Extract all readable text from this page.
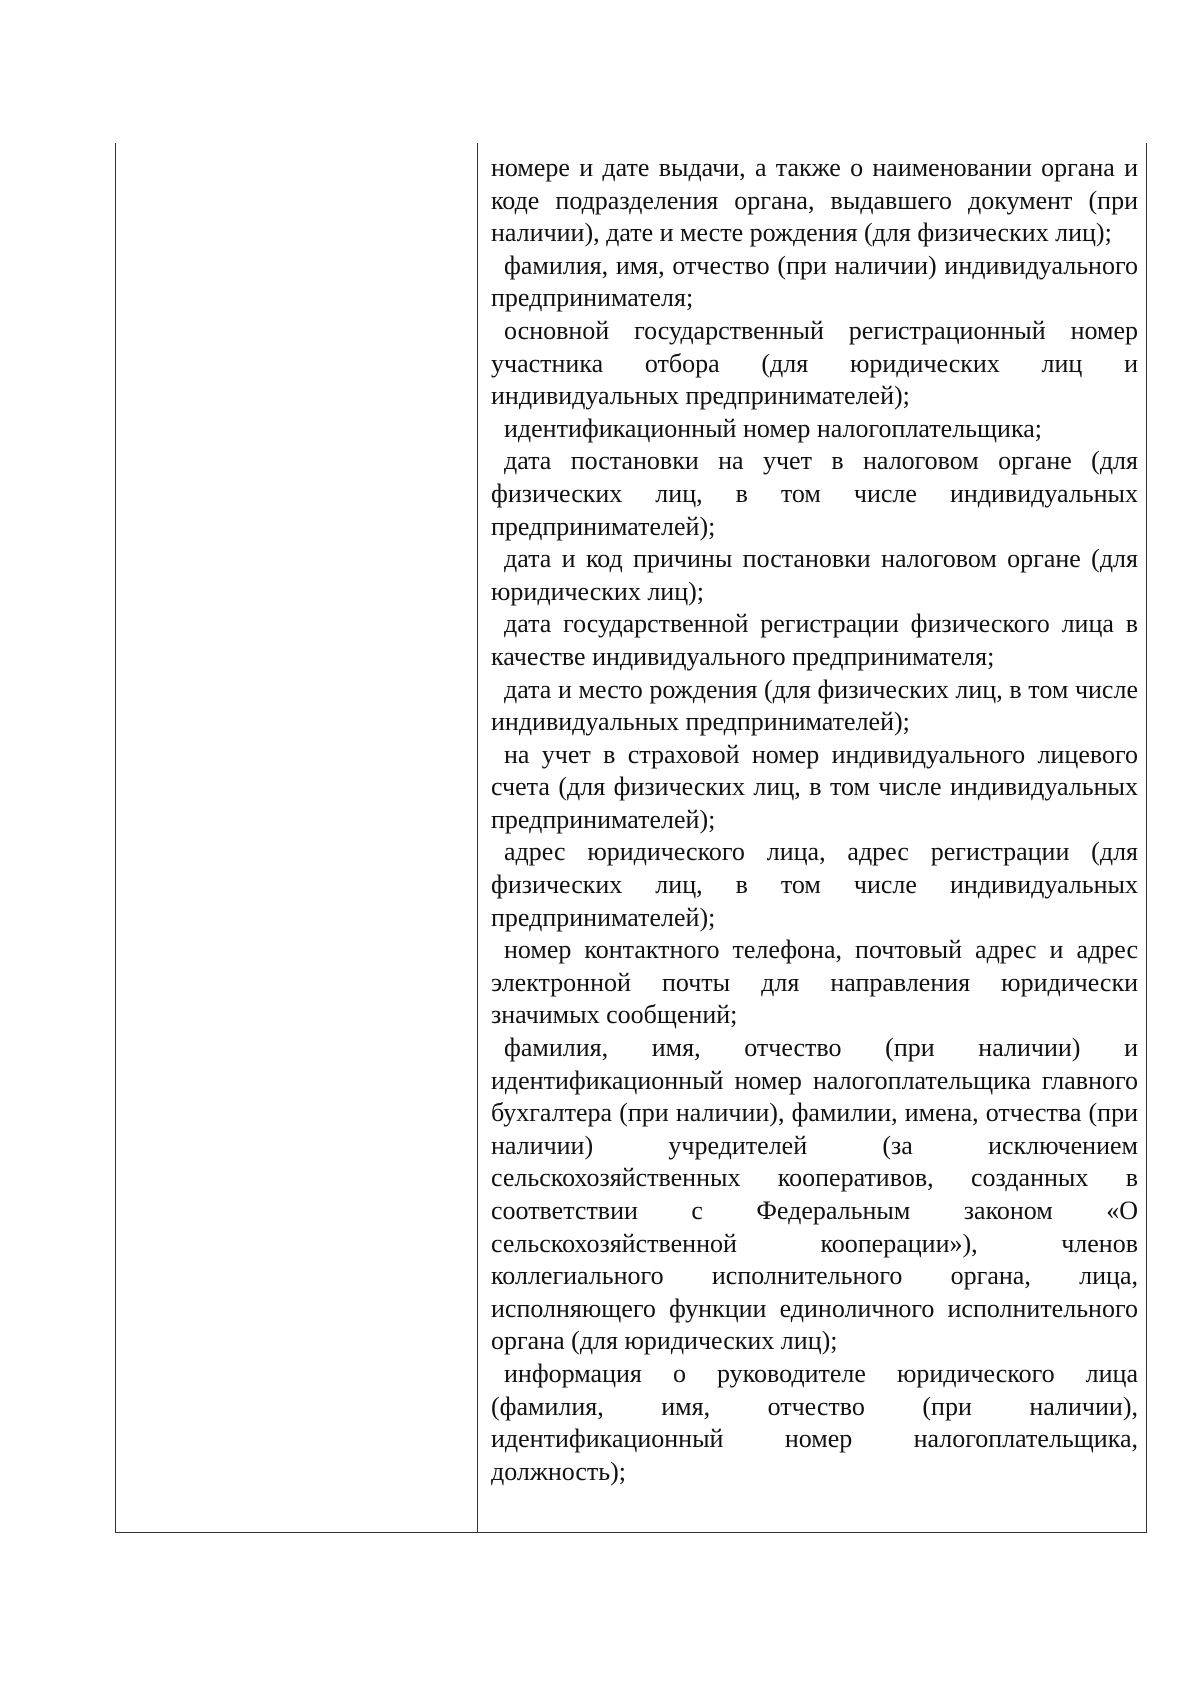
номере и дате выдачи, а также о наименовании органа и коде подразделения органа, выдавшего документ (при наличии), дате и месте рождения (для физических лиц);

фамилия, имя, отчество (при наличии) индивидуального предпринимателя;

основной государственный регистрационный номер участника отбора (для юридических лиц и индивидуальных предпринимателей);

идентификационный номер налогоплательщика;

дата постановки на учет в налоговом органе (для физических лиц, в том числе индивидуальных предпринимателей);

дата и код причины постановки налоговом органе (для юридических лиц);

дата государственной регистрации физического лица в качестве индивидуального предпринимателя;

дата и место рождения (для физических лиц, в том числе индивидуальных предпринимателей);

на учет в страховой номер индивидуального лицевого счета (для физических лиц, в том числе индивидуальных предпринимателей);

адрес юридического лица, адрес регистрации (для физических лиц, в том числе индивидуальных предпринимателей);

номер контактного телефона, почтовый адрес и адрес электронной почты для направления юридически значимых сообщений;

фамилия, имя, отчество (при наличии) и идентификационный номер налогоплательщика главного бухгалтера (при наличии), фамилии, имена, отчества (при наличии) учредителей (за исключением сельскохозяйственных кооперативов, созданных в соответствии с Федеральным законом «О сельскохозяйственной кооперации»), членов коллегиального исполнительного органа, лица, исполняющего функции единоличного исполнительного органа (для юридических лиц);

информация о руководителе юридического лица (фамилия, имя, отчество (при наличии), идентификационный номер налогоплательщика, должность);
